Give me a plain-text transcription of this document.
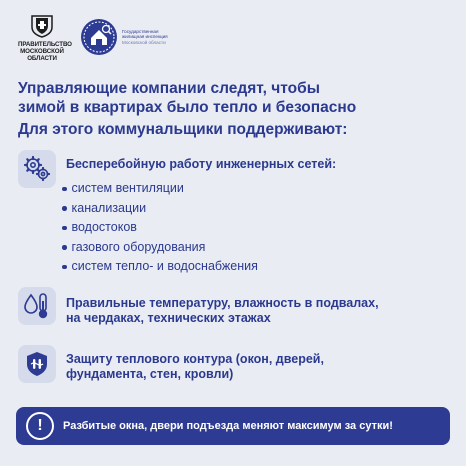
ПРАВИТЕЛЬСТВО
МОСКОВСКОЙ
ОБЛАСТИ
Государственная
жилищная инспекция
Московской области
Управляющие компании следят, чтобы
зимой в квартирах было тепло и безопасно
Для этого коммунальщики поддерживают:
Бесперебойную работу инженерных сетей:
систем вентиляции
канализации
водостоков
газового оборудования
систем тепло- и водоснабжения
Правильные температуру, влажность в подвалах,
на чердаках, технических этажах
Защиту теплового контура (окон, дверей,
фундамента, стен, кровли)
!	Разбитые окна, двери подъезда меняют максимум за сутки!
